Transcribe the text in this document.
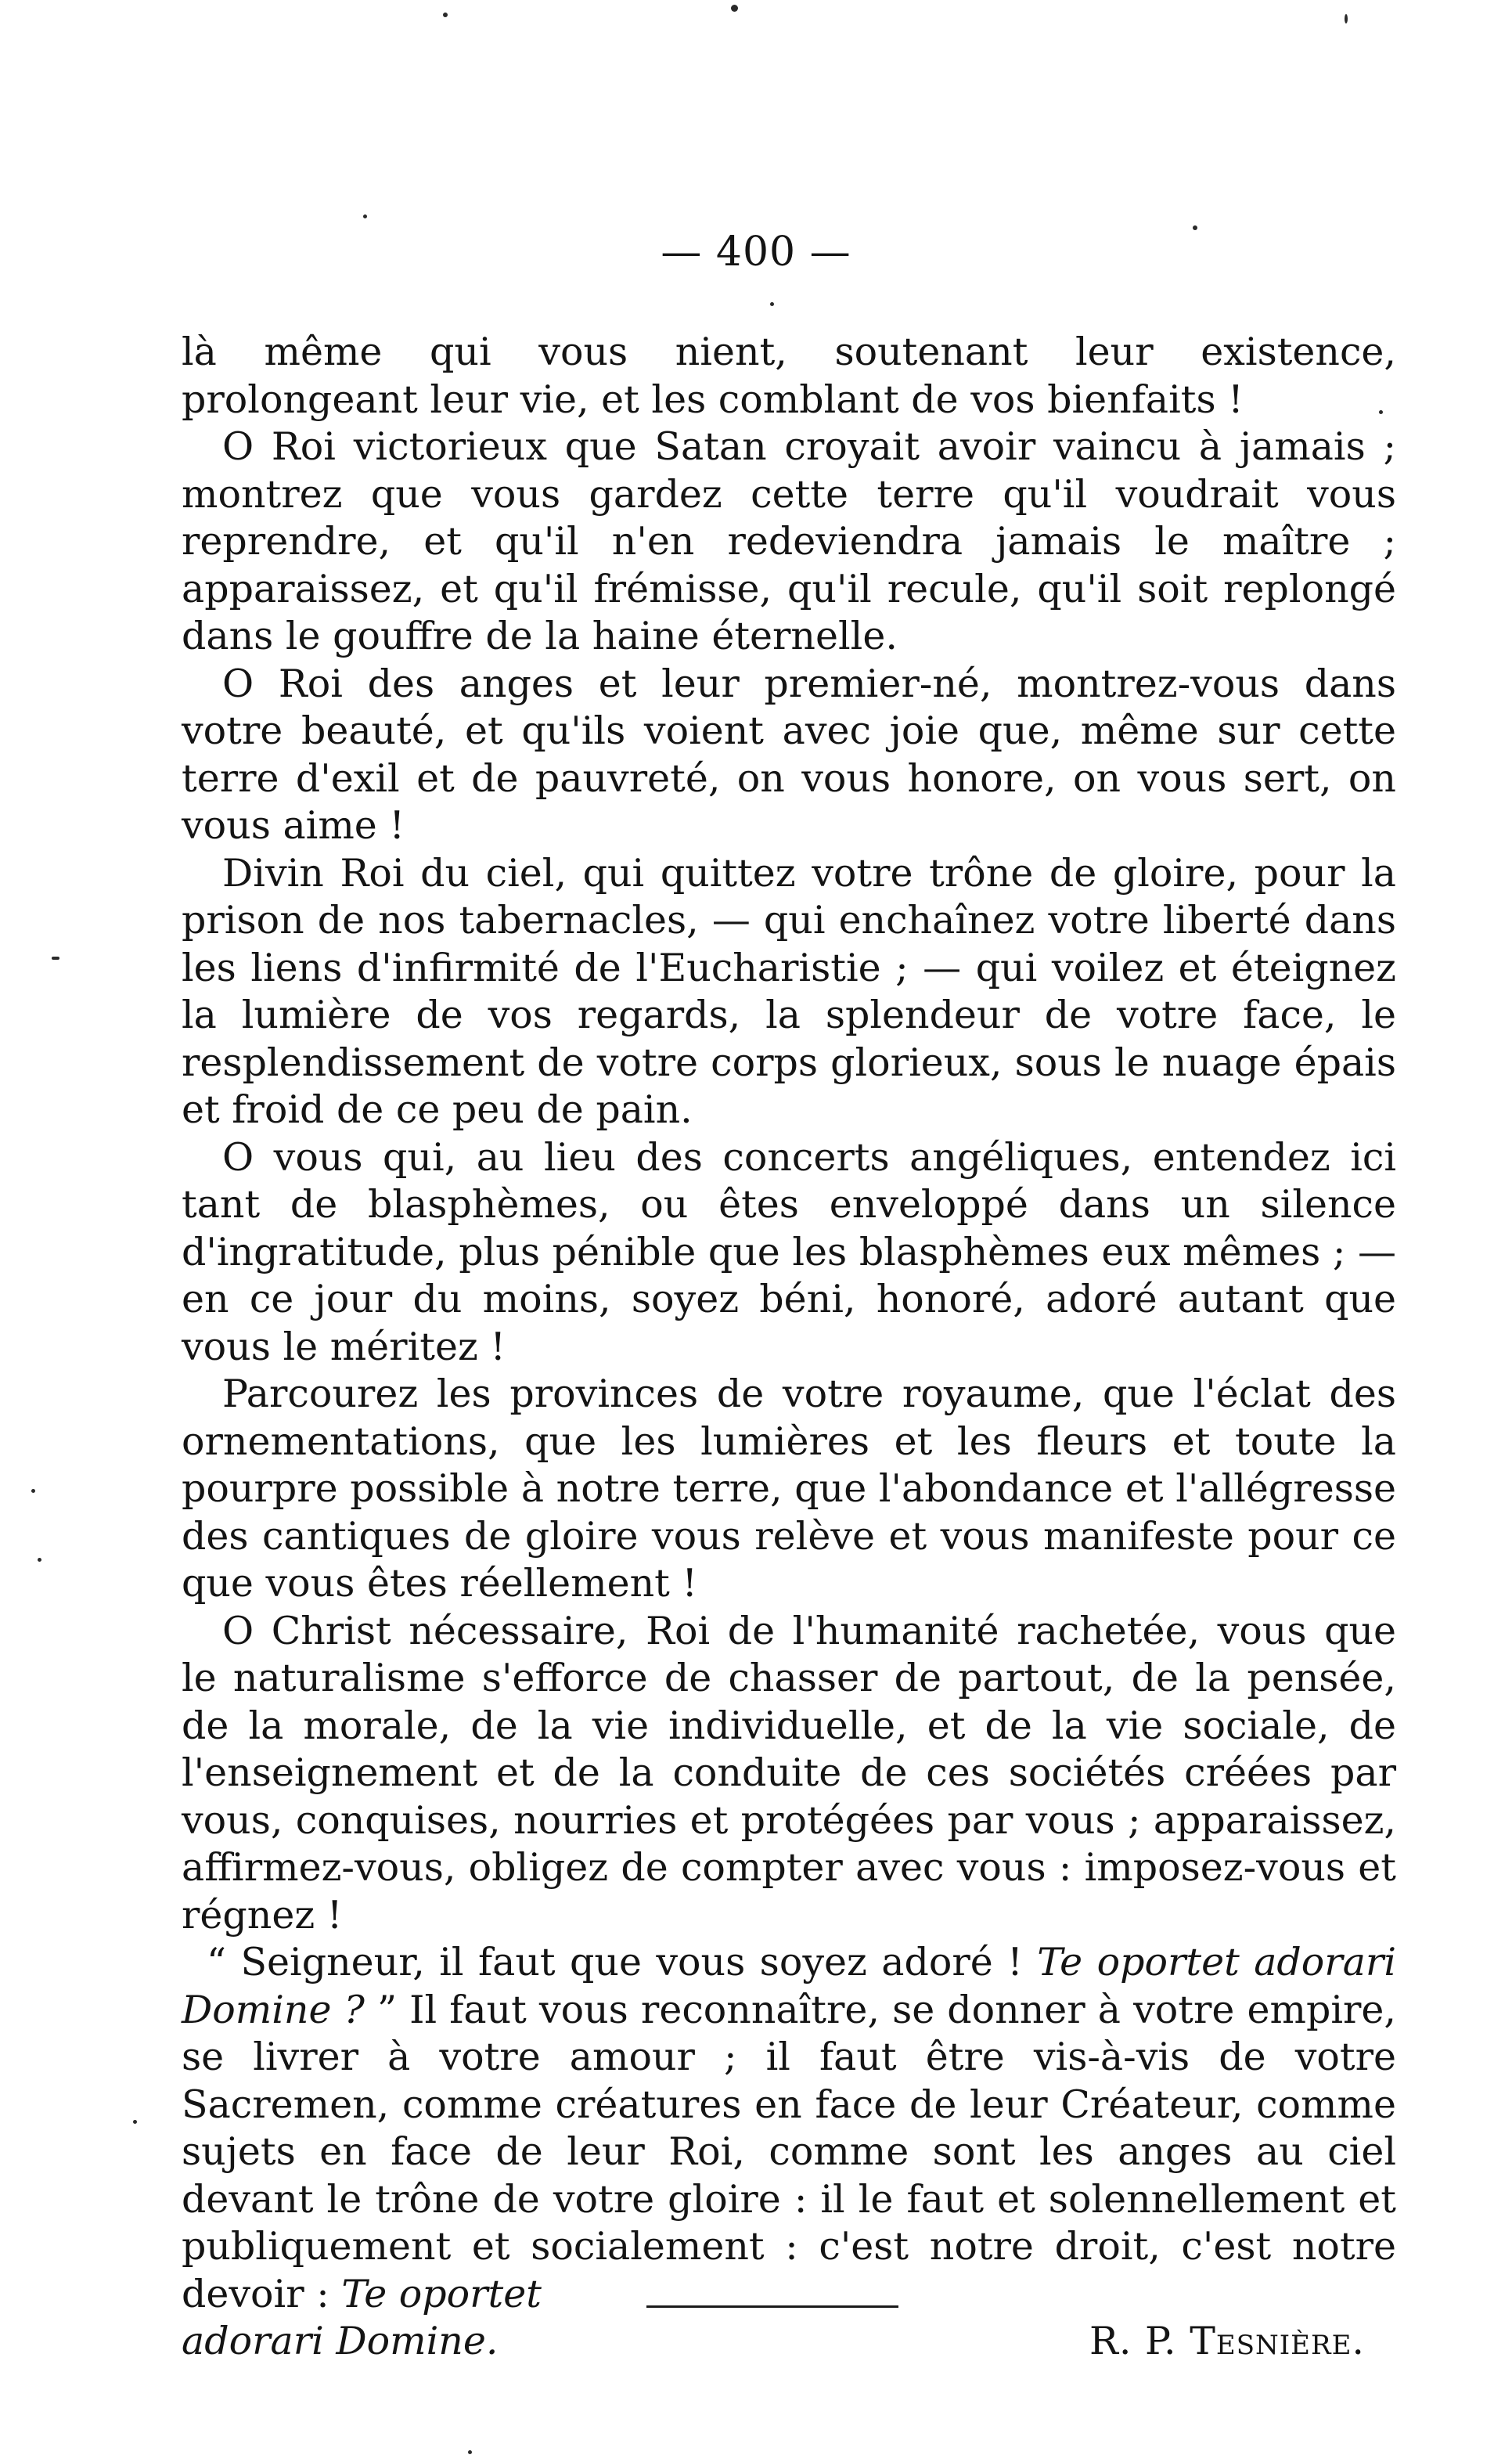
— 400 —

là même qui vous nient, soutenant leur existence, prolongeant leur vie, et les comblant de vos bienfaits !

O Roi victorieux que Satan croyait avoir vaincu à jamais ; montrez que vous gardez cette terre qu'il voudrait vous reprendre, et qu'il n'en redeviendra jamais le maître ; apparaissez, et qu'il frémisse, qu'il recule, qu'il soit replongé dans le gouffre de la haine éternelle.

O Roi des anges et leur premier-né, montrez-vous dans votre beauté, et qu'ils voient avec joie que, même sur cette terre d'exil et de pauvreté, on vous honore, on vous sert, on vous aime !

Divin Roi du ciel, qui quittez votre trône de gloire, pour la prison de nos tabernacles, — qui enchaînez votre liberté dans les liens d'infirmité de l'Eucharistie ; — qui voilez et éteignez la lumière de vos regards, la splendeur de votre face, le resplendissement de votre corps glorieux, sous le nuage épais et froid de ce peu de pain.

O vous qui, au lieu des concerts angéliques, entendez ici tant de blasphèmes, ou êtes enveloppé dans un silence d'ingratitude, plus pénible que les blasphèmes eux mêmes ; — en ce jour du moins, soyez béni, honoré, adoré autant que vous le méritez !

Parcourez les provinces de votre royaume, que l'éclat des ornementations, que les lumières et les fleurs et toute la pourpre possible à notre terre, que l'abondance et l'allégresse des cantiques de gloire vous relève et vous manifeste pour ce que vous êtes réellement !

O Christ nécessaire, Roi de l'humanité rachetée, vous que le naturalisme s'efforce de chasser de partout, de la pensée, de la morale, de la vie individuelle, et de la vie sociale, de l'enseignement et de la conduite de ces sociétés créées par vous, conquises, nourries et protégées par vous ; apparaissez, affirmez-vous, obligez de compter avec vous : imposez-vous et régnez !

“ Seigneur, il faut que vous soyez adoré ! Te oportet adorari Domine ? ” Il faut vous reconnaître, se donner à votre empire, se livrer à votre amour ; il faut être vis-à-vis de votre Sacremen, comme créatures en face de leur Créateur, comme sujets en face de leur Roi, comme sont les anges au ciel devant le trône de votre gloire : il le faut et solennellement et publiquement et socialement : c'est notre droit, c'est notre devoir : Te oportet

adorari Domine.	R. P. Tesnière.
